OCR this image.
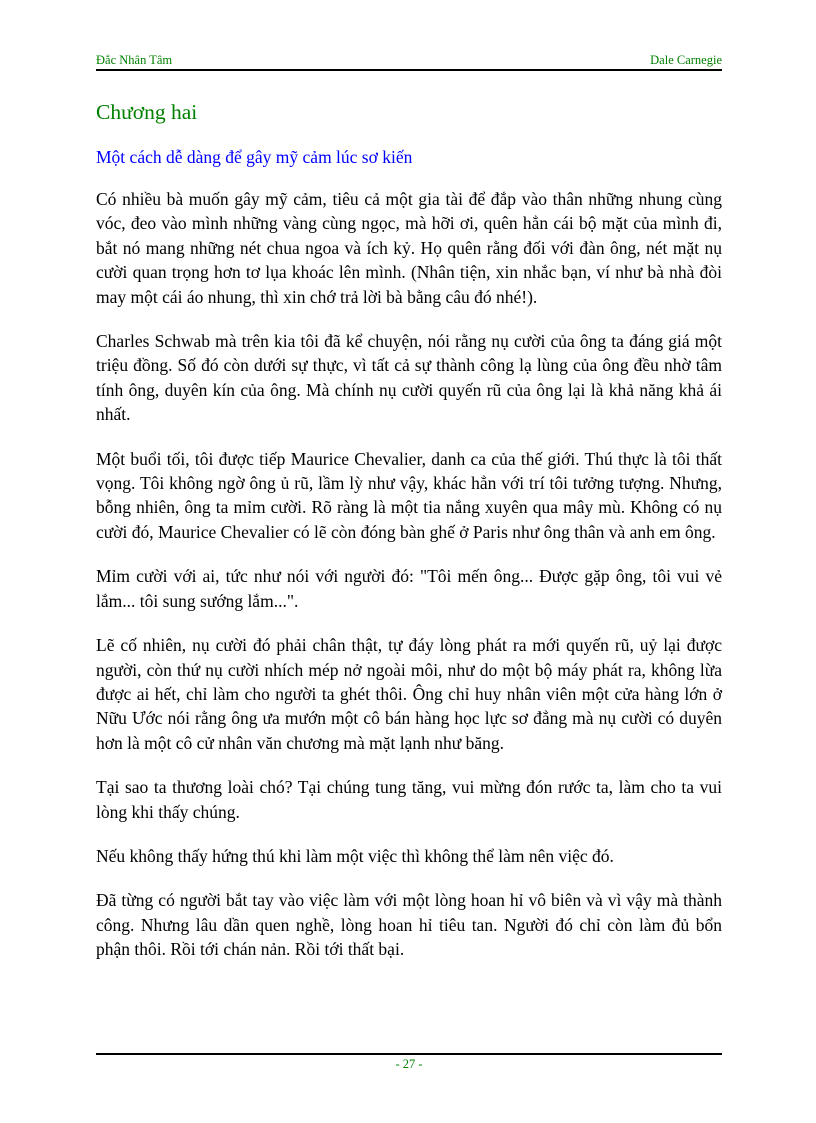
Đắc Nhân Tâm	Dale Carnegie
Chương hai
Một cách dễ dàng để gây mỹ cảm lúc sơ kiến

Có nhiều bà muốn gây mỹ cảm, tiêu cả một gia tài để đắp vào thân những nhung cùng vóc, đeo vào mình những vàng cùng ngọc, mà hỡi ơi, quên hẳn cái bộ mặt của mình đi, bắt nó mang những nét chua ngoa và ích kỷ. Họ quên rằng đối với đàn ông, nét mặt nụ cười quan trọng hơn tơ lụa khoác lên mình. (Nhân tiện, xin nhắc bạn, ví như bà nhà đòi may một cái áo nhung, thì xin chớ trả lời bà bằng câu đó nhé!).

Charles Schwab mà trên kia tôi đã kể chuyện, nói rằng nụ cười của ông ta đáng giá một triệu đồng. Số đó còn dưới sự thực, vì tất cả sự thành công lạ lùng của ông đều nhờ tâm tính ông, duyên kín của ông. Mà chính nụ cười quyến rũ của ông lại là khả năng khả ái nhất.

Một buổi tối, tôi được tiếp Maurice Chevalier, danh ca của thế giới. Thú thực là tôi thất vọng. Tôi không ngờ ông ủ rũ, lầm lỳ như vậy, khác hẳn với trí tôi tưởng tượng. Nhưng, bỗng nhiên, ông ta mỉm cười. Rõ ràng là một tia nắng xuyên qua mây mù. Không có nụ cười đó, Maurice Chevalier có lẽ còn đóng bàn ghế ở Paris như ông thân và anh em ông.

Mỉm cười với ai, tức như nói với người đó: "Tôi mến ông... Được gặp ông, tôi vui vẻ lắm... tôi sung sướng lắm...".

Lẽ cố nhiên, nụ cười đó phải chân thật, tự đáy lòng phát ra mới quyến rũ, uỷ lại được người, còn thứ nụ cười nhích mép nở ngoài môi, như do một bộ máy phát ra, không lừa được ai hết, chỉ làm cho người ta ghét thôi. Ông chỉ huy nhân viên một cửa hàng lớn ở Nữu Ước nói rằng ông ưa mướn một cô bán hàng học lực sơ đẳng mà nụ cười có duyên hơn là một cô cử nhân văn chương mà mặt lạnh như băng.

Tại sao ta thương loài chó? Tại chúng tung tăng, vui mừng đón rước ta, làm cho ta vui lòng khi thấy chúng.

Nếu không thấy hứng thú khi làm một việc thì không thể làm nên việc đó.

Đã từng có người bắt tay vào việc làm với một lòng hoan hỉ vô biên và vì vậy mà thành công. Nhưng lâu dần quen nghề, lòng hoan hỉ tiêu tan. Người đó chỉ còn làm đủ bổn phận thôi. Rồi tới chán nản. Rồi tới thất bại.

- 27 -
